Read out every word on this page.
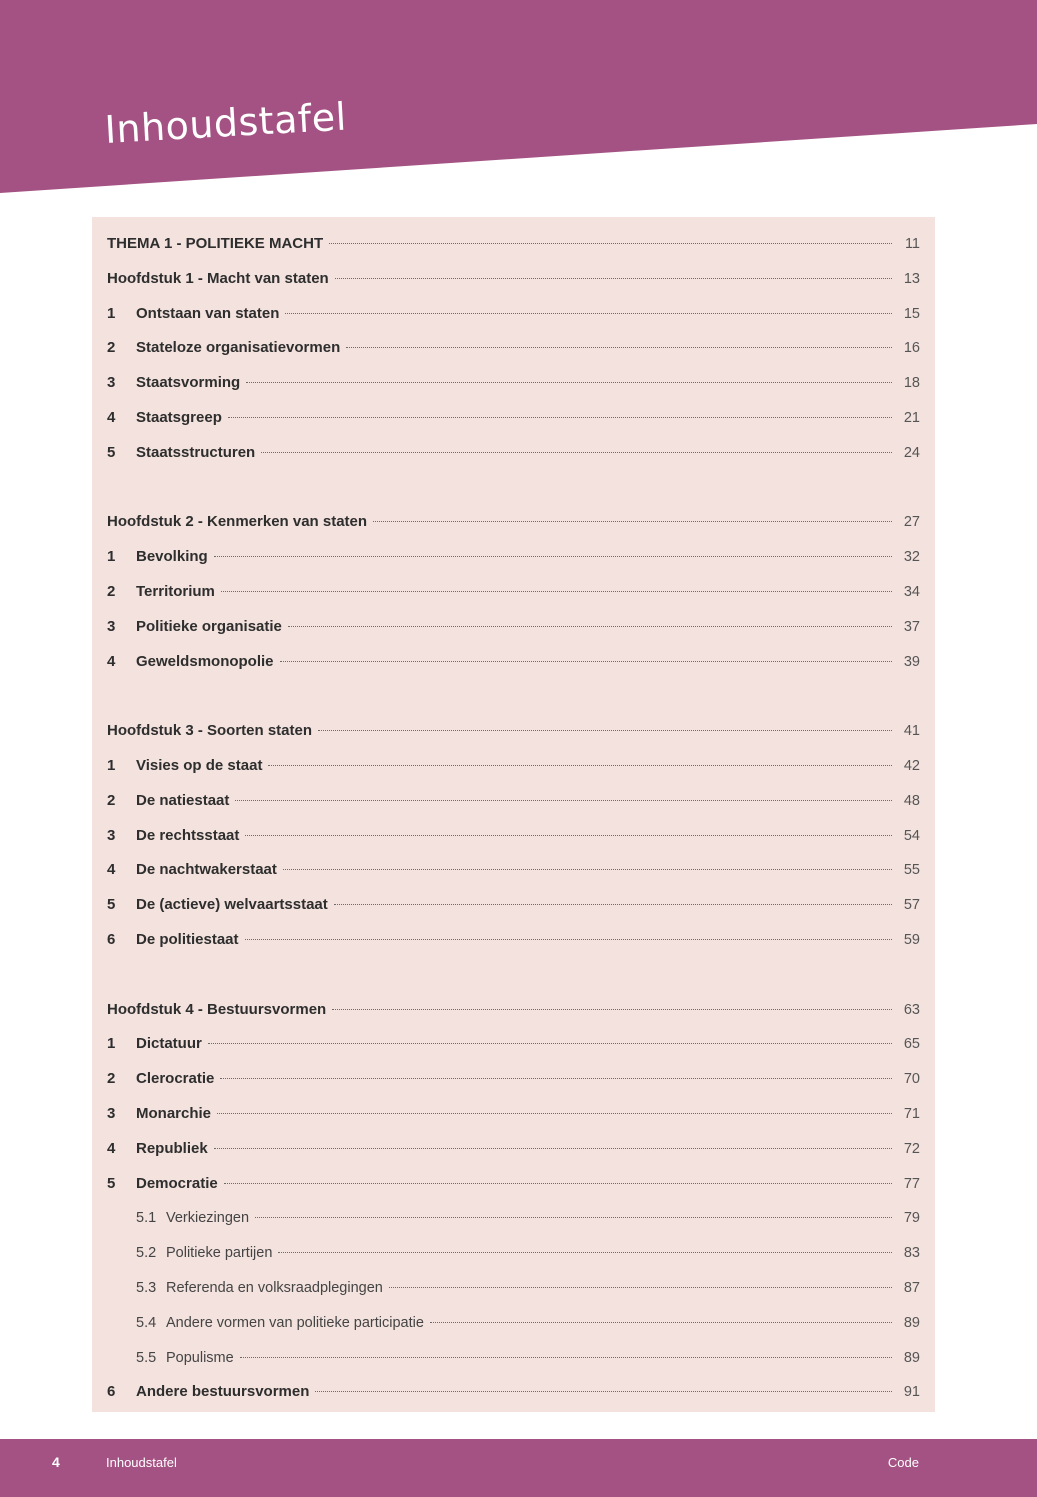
Inhoudstafel
THEMA 1 - POLITIEKE MACHT	11
Hoofdstuk 1 - Macht van staten	13
1	Ontstaan van staten	15
2	Stateloze organisatievormen	16
3	Staatsvorming	18
4	Staatsgreep	21
5	Staatsstructuren	24
Hoofdstuk 2 - Kenmerken van staten	27
1	Bevolking	32
2	Territorium	34
3	Politieke organisatie	37
4	Geweldsmonopolie	39
Hoofdstuk 3 - Soorten staten	41
1	Visies op de staat	42
2	De natiestaat	48
3	De rechtsstaat	54
4	De nachtwakerstaat	55
5	De (actieve) welvaartsstaat	57
6	De politiestaat	59
Hoofdstuk 4 - Bestuursvormen	63
1	Dictatuur	65
2	Clerocratie	70
3	Monarchie	71
4	Republiek	72
5	Democratie	77
5.1 Verkiezingen	79
5.2 Politieke partijen	83
5.3 Referenda en volksraadplegingen	87
5.4 Andere vormen van politieke participatie	89
5.5 Populisme	89
6	Andere bestuursvormen	91
4	Inhoudstafel	Code
